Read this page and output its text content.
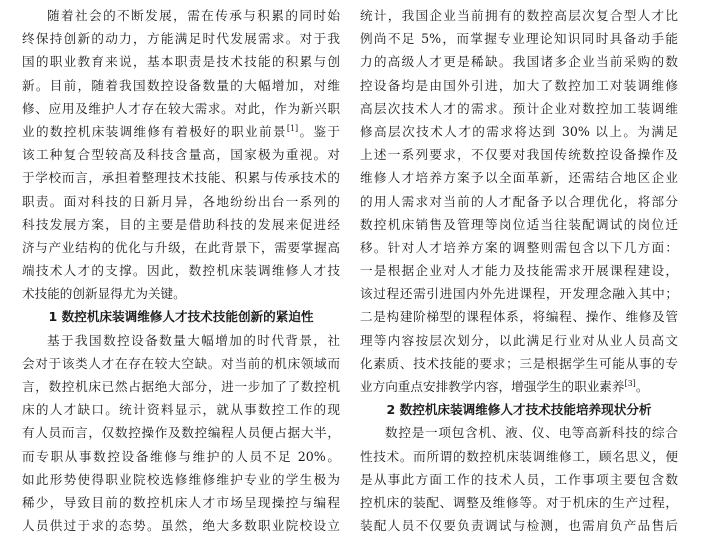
随着社会的不断发展，需在传承与积累的同时始
终保持创新的动力，方能满足时代发展需求。对于我
国的职业教育来说，基本职责是技术技能的积累与创
新。目前，随着我国数控设备数量的大幅增加，对维
修、应用及维护人才存在较大需求。对此，作为新兴职
业的数控机床装调维修有着极好的职业前景[1]。鉴于
该工种复合型较高及科技含量高，国家极为重视。对
于学校而言，承担着整理技术技能、积累与传承技术的
职责。面对科技的日新月异，各地纷纷出台一系列的
科技发展方案，目的主要是借助科技的发展来促进经
济与产业结构的优化与升级，在此背景下，需要掌握高
端技术人才的支撑。因此，数控机床装调维修人才技
术技能的创新显得尤为关键。
1 数控机床装调维修人才技术技能创新的紧迫性
基于我国数控设备数量大幅增加的时代背景，社
会对于该类人才在存在较大空缺。对当前的机床领域而
言，数控机床已然占据绝大部分，进一步加了了数控机
床的人才缺口。统计资料显示，就从事数控工作的现
有人员而言，仅数控操作及数控编程人员便占据大半，
而专职从事数控设备维修与维护的人员不足 20%。
如此形势使得职业院校选修维修维护专业的学生极为
稀少，导致目前的数控机床人才市场呈现操控与编程
人员供过于求的态势。虽然，绝大多数职业院校设立
统计，我国企业当前拥有的数控高层次复合型人才比
例尚不足 5%，而掌握专业理论知识同时具备动手能
力的高级人才更是稀缺。我国诸多企业当前采购的数
控设备均是由国外引进，加大了数控加工对装调维修
高层次技术人才的需求。预计企业对数控加工装调维
修高层次技术人才的需求将达到 30% 以上。为满足
上述一系列要求，不仅要对我国传统数控设备操作及
维修人才培养方案予以全面革新，还需结合地区企业
的用人需求对当前的人才配备予以合理优化，将部分
数控机床销售及管理等岗位适当往装配调试的岗位迁
移。针对人才培养方案的调整则需包含以下几方面：
一是根据企业对人才能力及技能需求开展课程建设，
该过程还需引进国内外先进课程，开发理念融入其中；
二是构建阶梯型的课程体系，将编程、操作、维修及管
理等内容按层次划分，以此满足行业对从业人员高文
化素质、技术技能的要求；三是根据学生可能从事的专
业方向重点安排教学内容，增强学生的职业素养[3]。
2 数控机床装调维修人才技术技能培养现状分析
数控是一项包含机、液、仪、电等高新科技的综合
性技术。而所谓的数控机床装调维修工，顾名思义，便
是从事此方面工作的技术人员，工作事项主要包含数
控机床的装配、调整及维修等。对于机床的生产过程，
装配人员不仅要负责调试与检测，也需肩负产品售后
